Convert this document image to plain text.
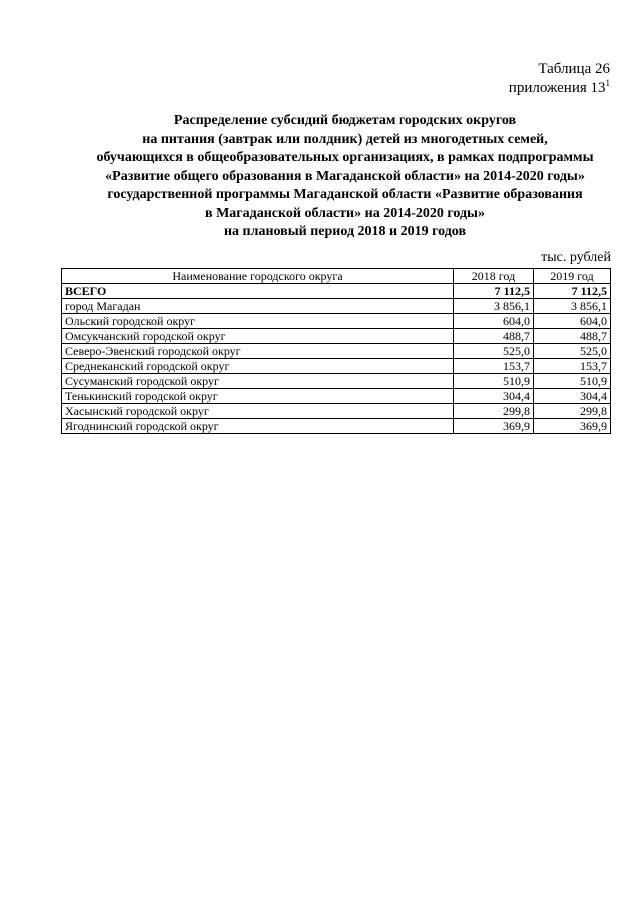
Таблица 26
приложения $13^1$
Распределение субсидий бюджетам городских округов
на питания (завтрак или полдник) детей из многодетных семей,
обучающихся в общеобразовательных организациях, в рамках подпрограммы
«Развитие общего образования в Магаданской области» на 2014-2020 годы»
государственной программы Магаданской области «Развитие образования
в Магаданской области» на 2014-2020 годы»
на плановый период 2018 и 2019 годов
тыс. рублей
Наименование городского округа	2018 год	2019 год
ВСЕГО	7 112,5	7 112,5
город Магадан	3 856,1	3 856,1
Ольский городской округ	604,0	604,0
Омсукчанский городской округ	488,7	488,7
Северо-Эвенский городской округ	525,0	525,0
Среднеканский городской округ	153,7	153,7
Сусуманский городской округ	510,9	510,9
Тенькинский городской округ	304,4	304,4
Хасынский городской округ	299,8	299,8
Ягоднинский городской округ	369,9	369,9
